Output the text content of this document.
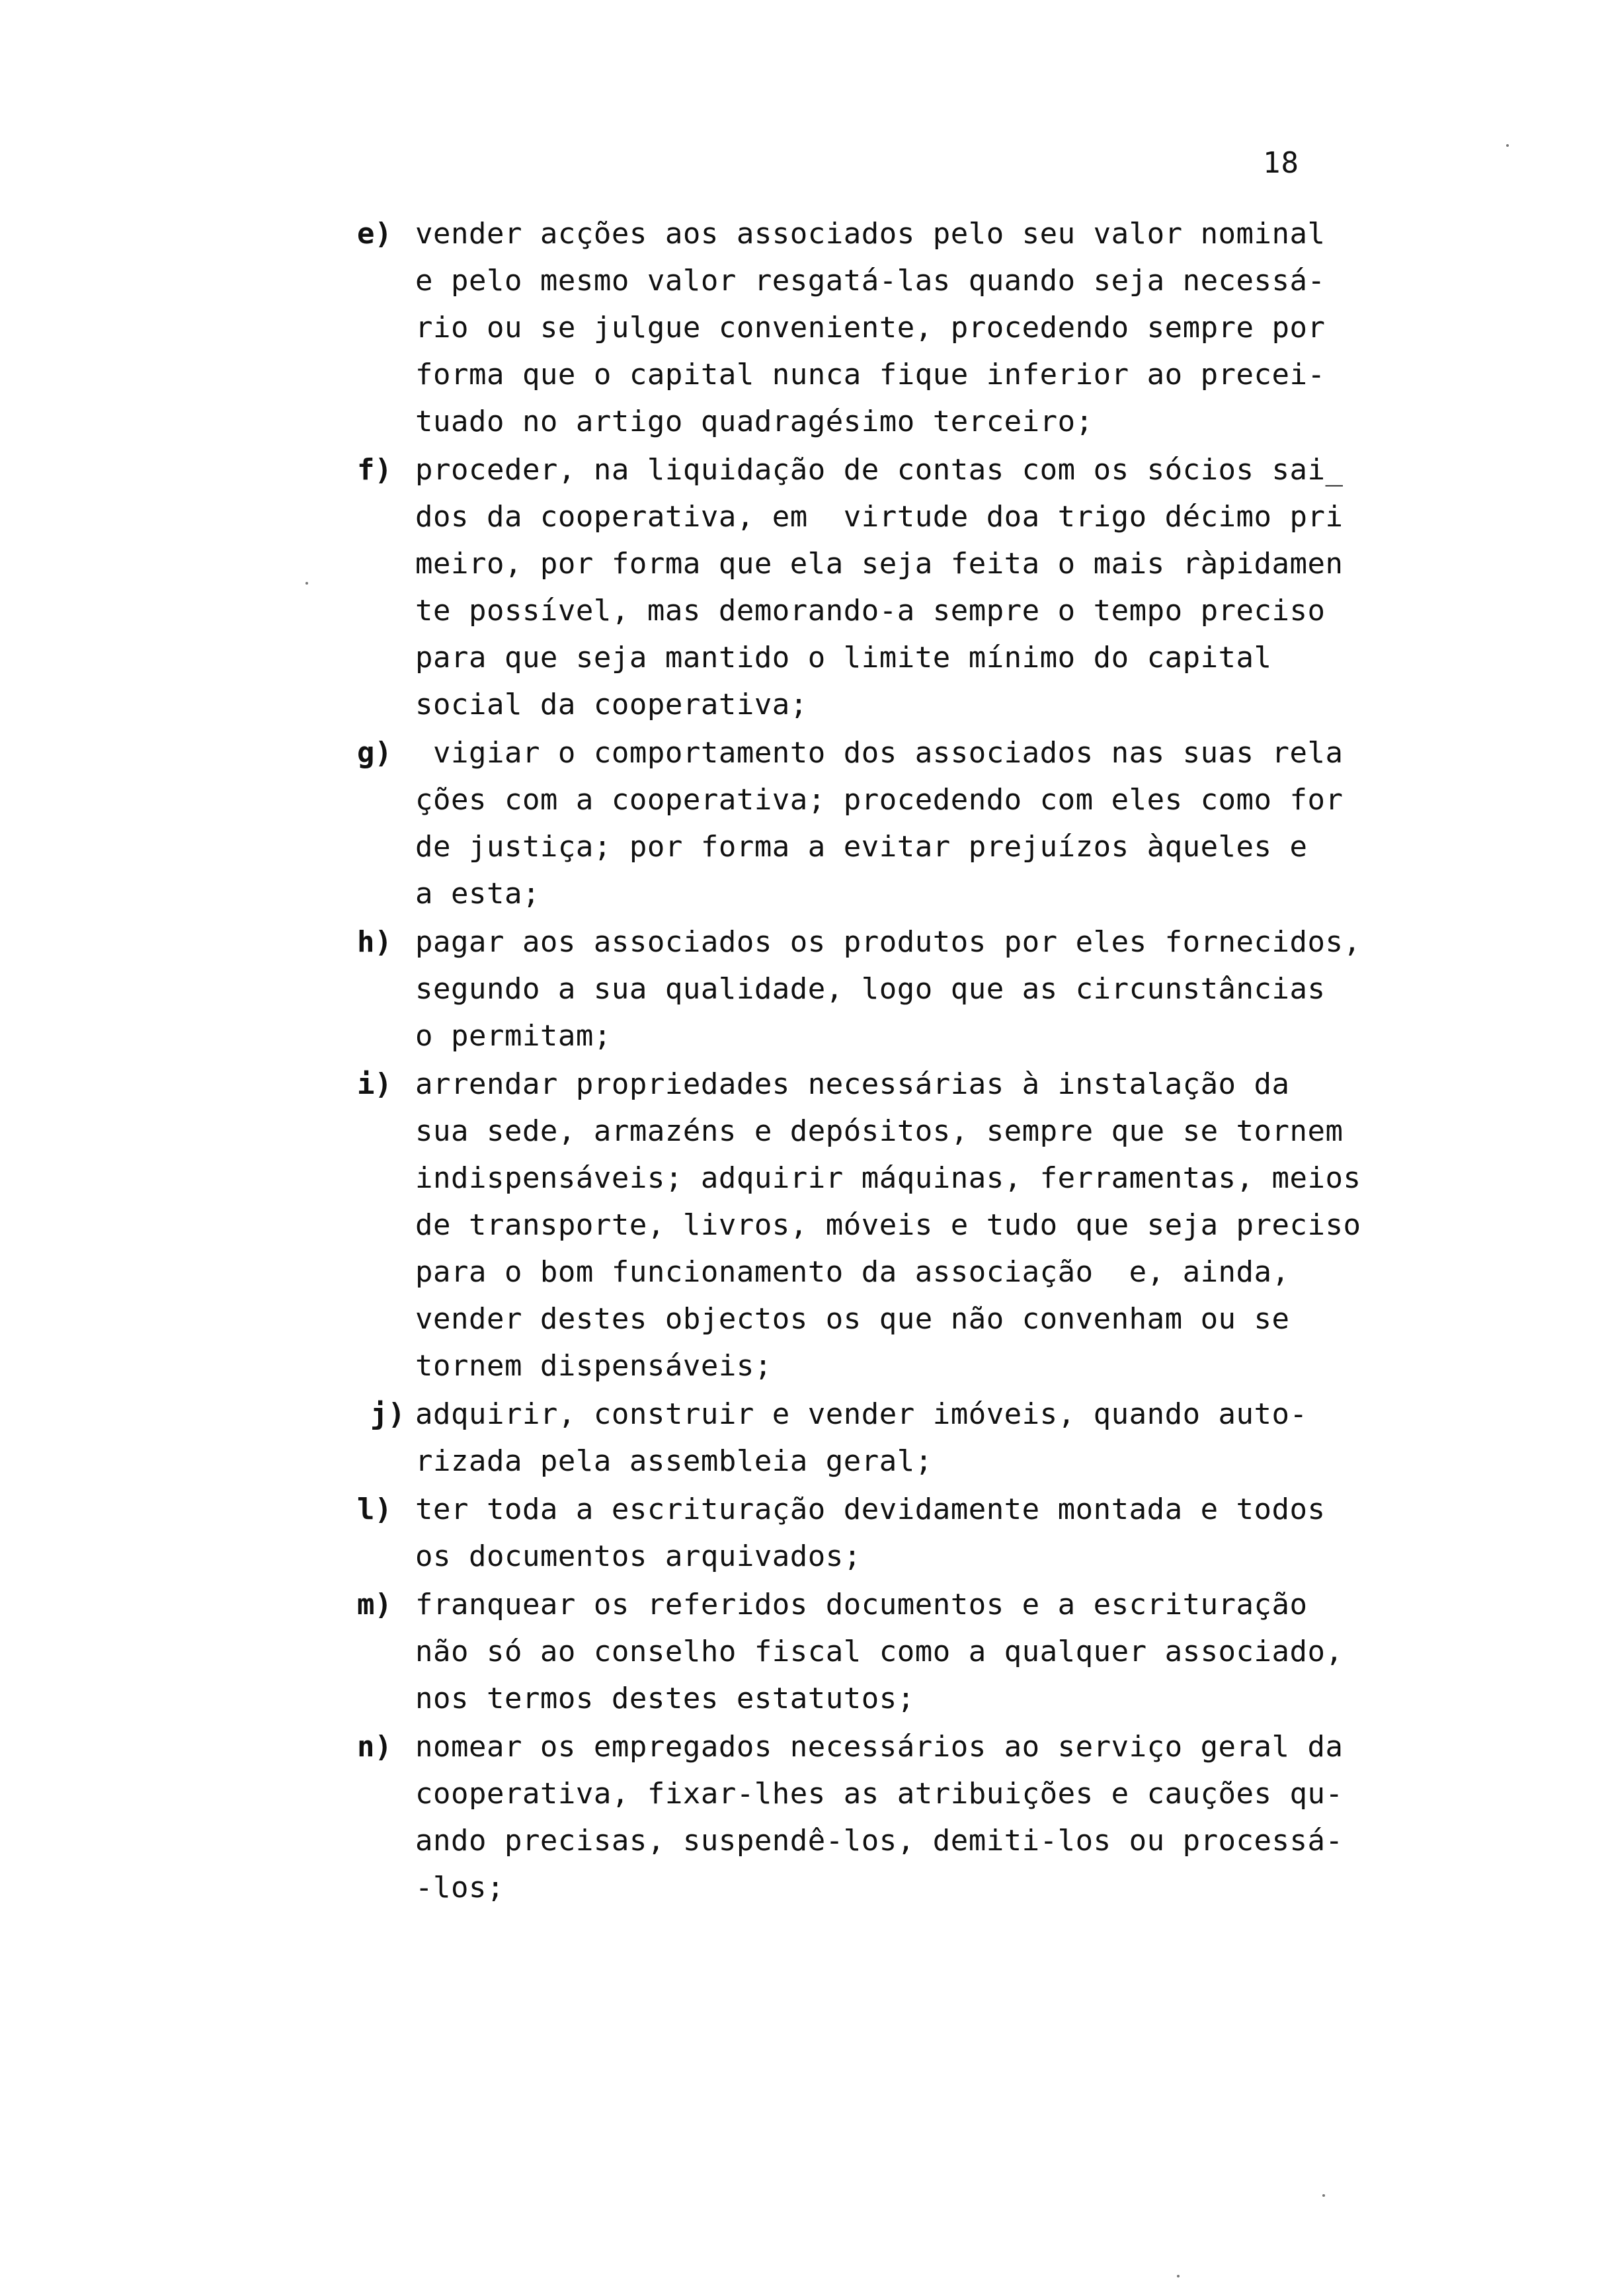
18
e) vender acções aos associados pelo seu valor nominal
e pelo mesmo valor resgatá-las quando seja necessá-
rio ou se julgue conveniente, procedendo sempre por
forma que o capital nunca fique inferior ao precei-
tuado no artigo quadragésimo terceiro;
f) proceder, na liquidação de contas com os sócios sai_
dos da cooperativa, em  virtude doa trigo décimo pri
meiro, por forma que ela seja feita o mais ràpidamen
te possível, mas demorando-a sempre o tempo preciso
para que seja mantido o limite mínimo do capital
social da cooperativa;
g) vigiar o comportamento dos associados nas suas rela
ções com a cooperativa; procedendo com eles como for
de justiça; por forma a evitar prejuízos àqueles e
a esta;
h) pagar aos associados os produtos por eles fornecidos,
segundo a sua qualidade, logo que as circunstâncias
o permitam;
i) arrendar propriedades necessárias à instalação da
sua sede, armazéns e depósitos, sempre que se tornem
indispensáveis; adquirir máquinas, ferramentas, meios
de transporte, livros, móveis e tudo que seja preciso
para o bom funcionamento da associação  e, ainda,
vender destes objectos os que não convenham ou se
tornem dispensáveis;
j) adquirir, construir e vender imóveis, quando auto-
rizada pela assembleia geral;
l) ter toda a escrituração devidamente montada e todos
os documentos arquivados;
m) franquear os referidos documentos e a escrituração
não só ao conselho fiscal como a qualquer associado,
nos termos destes estatutos;
n) nomear os empregados necessários ao serviço geral da
cooperativa, fixar-lhes as atribuições e cauções qu-
ando precisas, suspendê-los, demiti-los ou processá-
-los;
